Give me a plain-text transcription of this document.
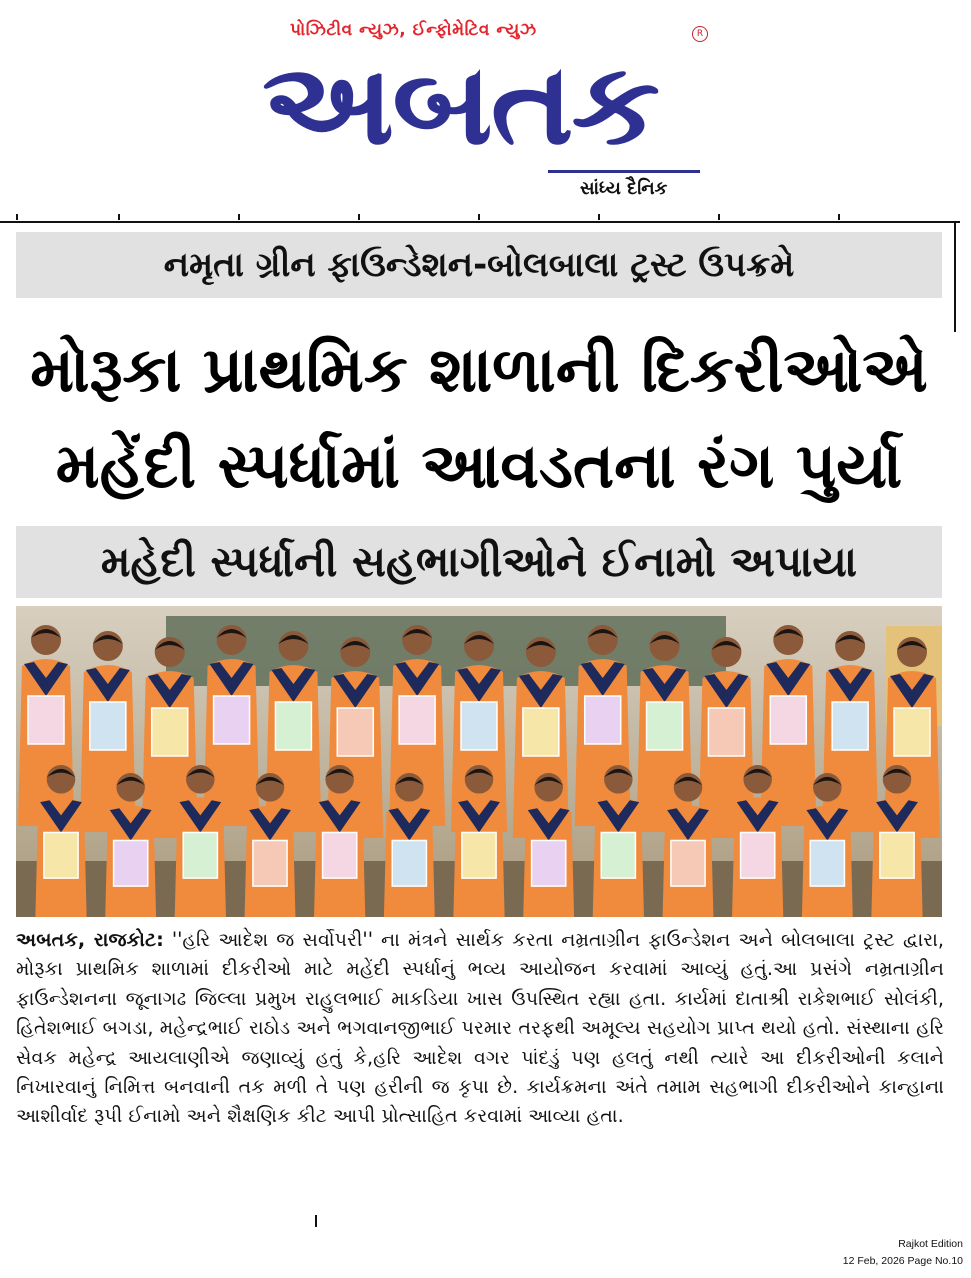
પોઝિટીવ ન્યુઝ, ઈન્ફોમેટિવ ન્યુઝ	R
અબતક
સાંધ્ય દૈનિક
નમૃતા ગ્રીન ફાઉન્ડેશન-બોલબાલા ટ્રસ્ટ ઉપક્રમે
મોરૂકા પ્રાથમિક શાળાની દિકરીઓએ
મહેંદી સ્પર્ધામાં આવડતના રંગ પુર્યા
મહેદી સ્પર્ધાની સહભાગીઓને ઈનામો અપાયા
અબતક, રાજકોટ: ''હરિ આદેશ જ સર્વોપરી'' ના મંત્રને સાર્થક કરતા નમ્રતાગ્રીન ફાઉન્ડેશન અને બોલબાલા ટ્રસ્ટ દ્વારા, મોરૂકા પ્રાથમિક શાળામાં દીકરીઓ માટે મહેંદી સ્પર્ધાનું ભવ્ય આયોજન કરવામાં આવ્યું હતું.આ પ્રસંગે નમ્રતાગ્રીન ફાઉન્ડેશનના જૂનાગઢ જિલ્લા પ્રમુખ રાહુલભાઈ માકડિયા ખાસ ઉપસ્થિત રહ્યા હતા. કાર્યમાં દાતાશ્રી રાકેશભાઈ સોલંકી, હિતેશભાઈ બગડા, મહેન્દ્રભાઈ રાઠોડ અને ભગવાનજીભાઈ પરમાર તરફથી અમૂલ્ય સહયોગ પ્રાપ્ત થયો હતો. સંસ્થાના હરિ સેવક મહેન્દ્ર આયલાણીએ જણાવ્યું હતું કે,હરિ આદેશ વગર પાંદડું પણ હલતું નથી ત્યારે આ દીકરીઓની કલાને નિખારવાનું નિમિત્ત બનવાની તક મળી તે પણ હરીની જ કૃપા છે. કાર્યક્રમના અંતે તમામ સહભાગી દીકરીઓને કાન્હાના આશીર્વાદ રૂપી ઈનામો અને શૈક્ષણિક કીટ આપી પ્રોત્સાહિત કરવામાં આવ્યા હતા.
Rajkot Edition
12 Feb, 2026 Page No.10
